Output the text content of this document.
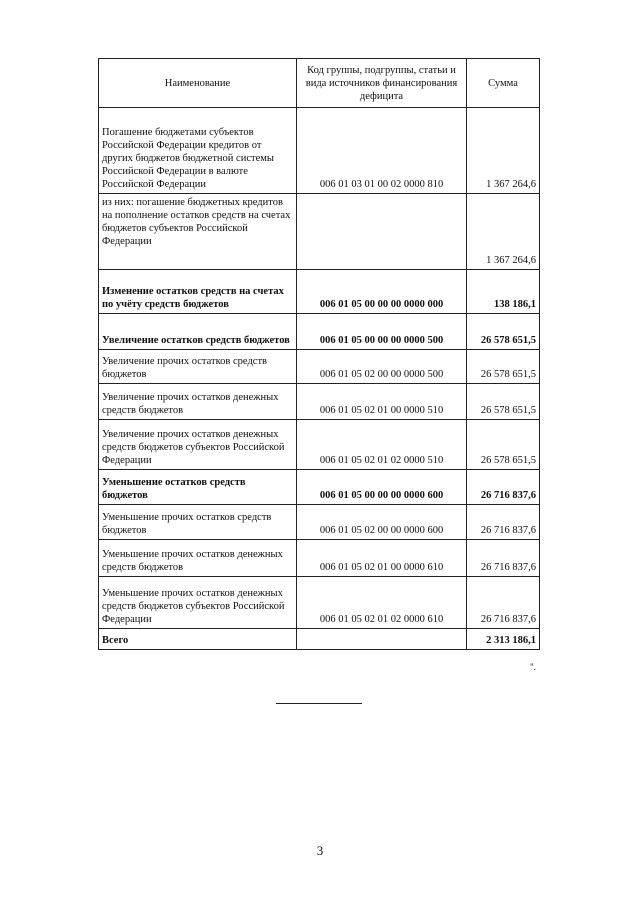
Наименование	Код группы, подгруппы, статьи и вида источников финансирования дефицита	Сумма
Погашение бюджетами субъектов Российской Федерации кредитов от других бюджетов бюджетной системы Российской Федерации в валюте Российской Федерации	006 01 03 01 00 02 0000 810	1 367 264,6
из них: погашение бюджетных кредитов на пополнение остатков средств на счетах бюджетов субъектов Российской Федерации		1 367 264,6
Изменение остатков средств на счетах по учёту средств бюджетов	006 01 05 00 00 00 0000 000	138 186,1
Увеличение остатков средств бюджетов	006 01 05 00 00 00 0000 500	26 578 651,5
Увеличение прочих остатков средств бюджетов	006 01 05 02 00 00 0000 500	26 578 651,5
Увеличение прочих остатков денежных средств бюджетов	006 01 05 02 01 00 0000 510	26 578 651,5
Увеличение прочих остатков денежных средств бюджетов субъектов Российской Федерации	006 01 05 02 01 02 0000 510	26 578 651,5
Уменьшение остатков средств бюджетов	006 01 05 00 00 00 0000 600	26 716 837,6
Уменьшение прочих остатков средств бюджетов	006 01 05 02 00 00 0000 600	26 716 837,6
Уменьшение прочих остатков денежных средств бюджетов	006 01 05 02 01 00 0000 610	26 716 837,6
Уменьшение прочих остатков денежных средств бюджетов субъектов Российской Федерации	006 01 05 02 01 02 0000 610	26 716 837,6
Всего		2 313 186,1
".
3
